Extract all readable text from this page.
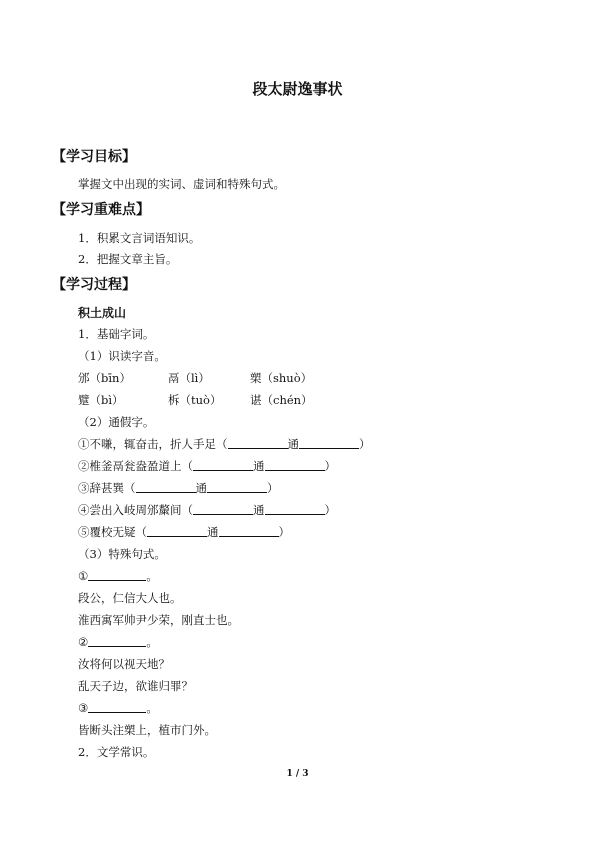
段太尉逸事状
【学习目标】
掌握文中出现的实词、虚词和特殊句式。
【学习重难点】
1．积累文言词语知识。
2．把握文章主旨。
【学习过程】
积土成山
1．基础字词。
（1）识读字音。
邠（bīn）	鬲（lì）	槊（shuò）
躄（bì）	柝（tuò） 谌（chén）
（2）通假字。
①不嗛，辄奋击，折人手足（	通	）
②椎釜鬲瓮盎盈道上（	通	）
③辞甚巽（	通	）
④尝出入岐周邠斄间（	通	）
⑤覆校无疑（	通	）
（3）特殊句式。
①	。
段公，仁信大人也。
淮西寓军帅尹少荣，刚直士也。
②	。
汝将何以视天地？
乱天子边，欲谁归罪？
③	。
皆断头注槊上，植市门外。
2．文学常识。
1 / 3
